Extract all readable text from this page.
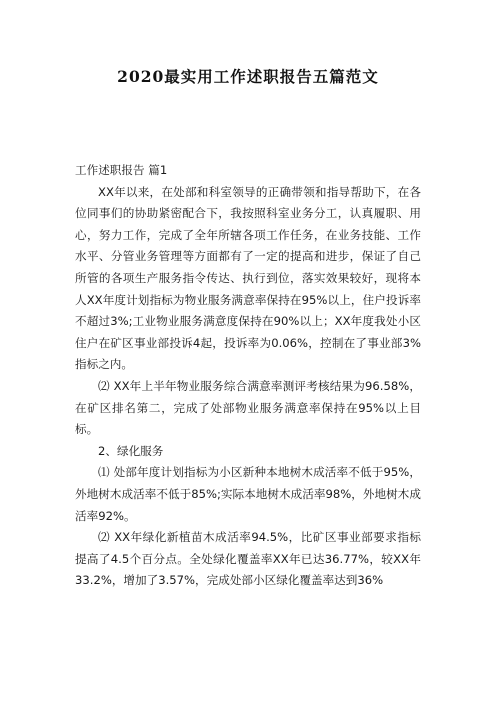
2020最实用工作述职报告五篇范文

工作述职报告 篇1

XX年以来，在处部和科室领导的正确带领和指导帮助下，在各位同事们的协助紧密配合下，我按照科室业务分工，认真履职、用心，努力工作，完成了全年所辖各项工作任务，在业务技能、工作水平、分管业务管理等方面都有了一定的提高和进步，保证了自己所管的各项生产服务指令传达、执行到位，落实效果较好，现将本人XX年度计划指标为物业服务满意率保持在95%以上，住户投诉率不超过3%;工业物业服务满意度保持在90%以上；XX年度我处小区住户在矿区事业部投诉4起，投诉率为0.06%，控制在了事业部3%指标之内。

⑵ XX年上半年物业服务综合满意率测评考核结果为96.58%，在矿区排名第二，完成了处部物业服务满意率保持在95%以上目标。

2、绿化服务

⑴ 处部年度计划指标为小区新种本地树木成活率不低于95%，外地树木成活率不低于85%;实际本地树木成活率98%，外地树木成活率92%。

⑵ XX年绿化新植苗木成活率94.5%，比矿区事业部要求指标提高了4.5个百分点。全处绿化覆盖率XX年已达36.77%，较XX年33.2%，增加了3.57%，完成处部小区绿化覆盖率达到36%
